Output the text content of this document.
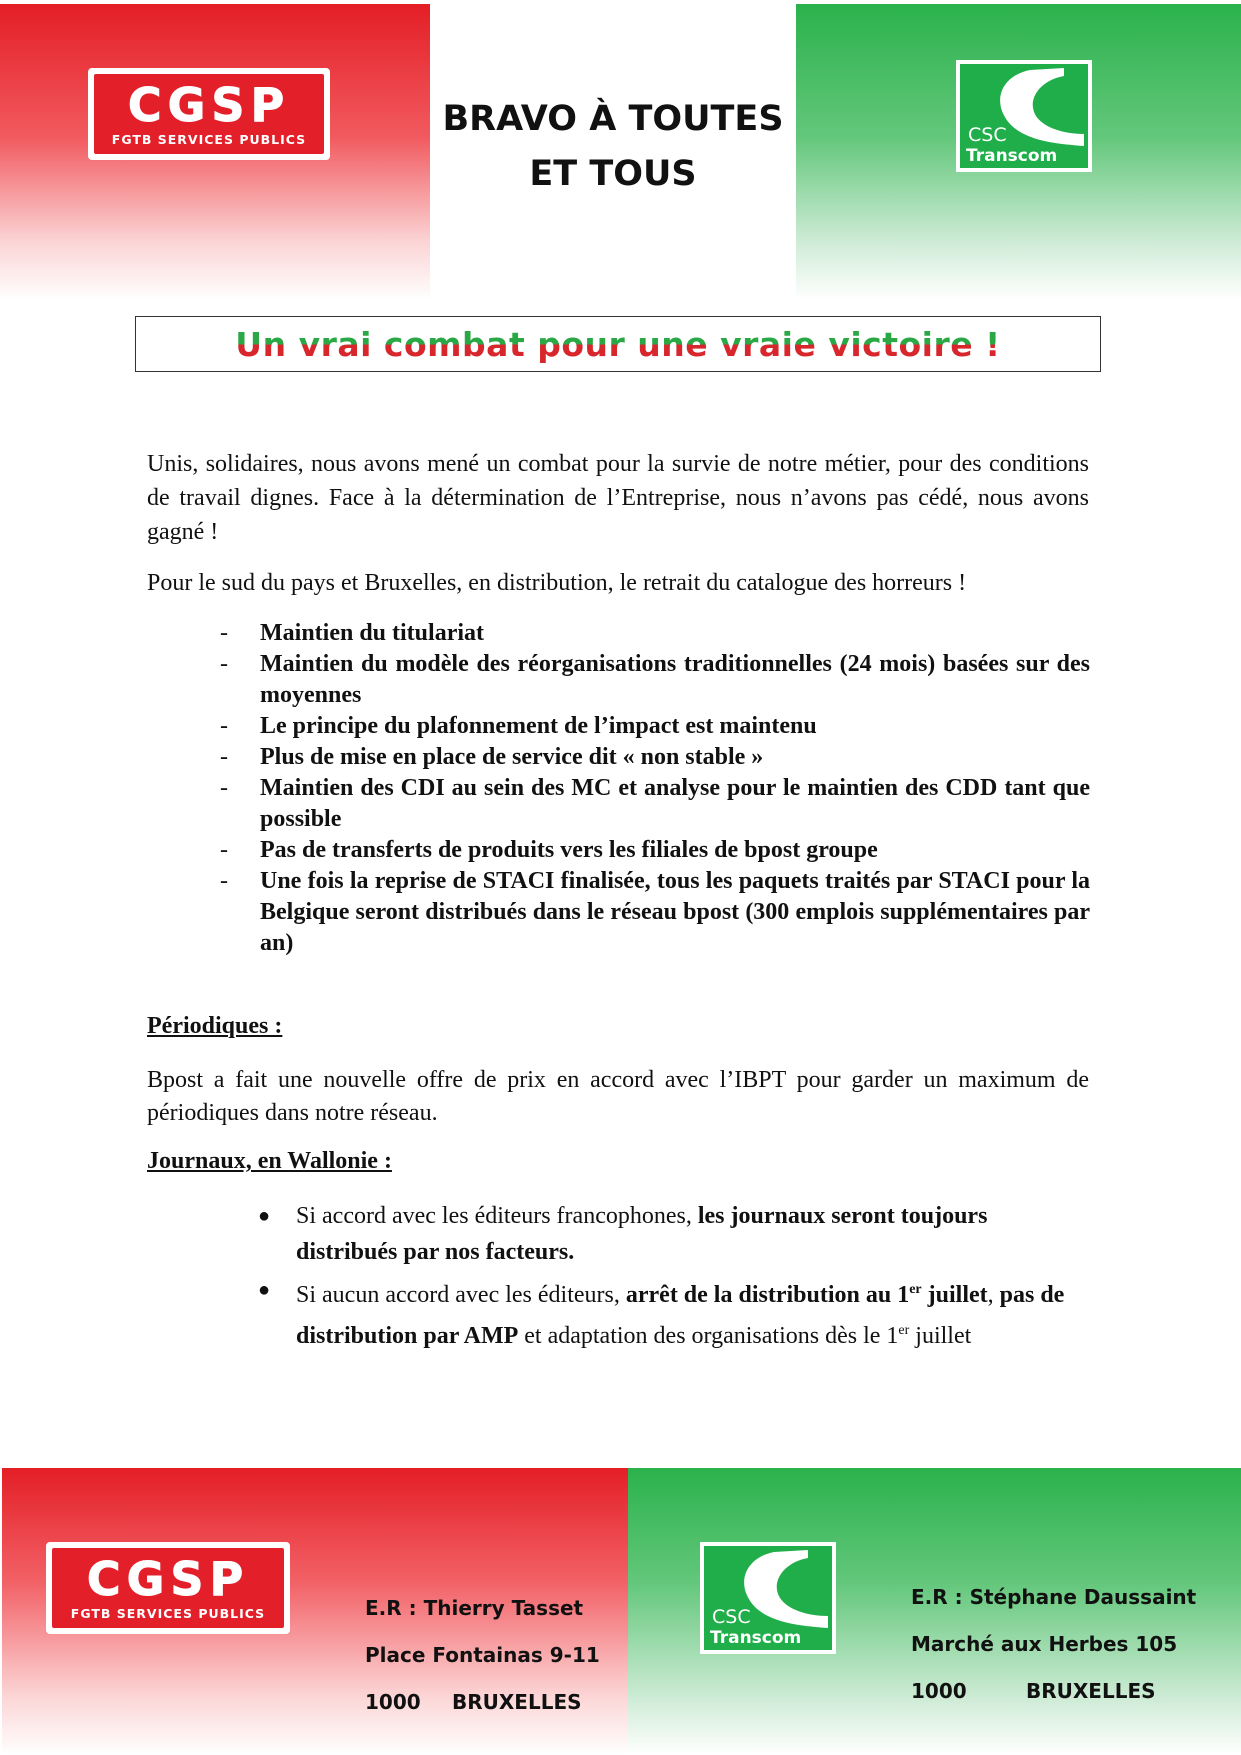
CGSP
FGTB SERVICES PUBLICS	BRAVO À TOUTES
ET TOUS
CSC
Transcom
Un vrai combat pour une vraie victoire !
Unis, solidaires, nous avons mené un combat pour la survie de notre métier, pour des conditions de travail dignes. Face à la détermination de l’Entreprise, nous n’avons pas cédé, nous avons gagné !
Pour le sud du pays et Bruxelles, en distribution, le retrait du catalogue des horreurs !
- Maintien du titulariat
- Maintien du modèle des réorganisations traditionnelles (24 mois) basées sur des moyennes
- Le principe du plafonnement de l’impact est maintenu
- Plus de mise en place de service dit « non stable »
- Maintien des CDI au sein des MC et analyse pour le maintien des CDD tant que possible
- Pas de transferts de produits vers les filiales de bpost groupe
- Une fois la reprise de STACI finalisée, tous les paquets traités par STACI pour la Belgique seront distribués dans le réseau bpost (300 emplois supplémentaires par an)
Périodiques :
Bpost a fait une nouvelle offre de prix en accord avec l’IBPT pour garder un maximum de périodiques dans notre réseau.
Journaux, en Wallonie :
● Si accord avec les éditeurs francophones, les journaux seront toujours distribués par nos facteurs.
● Si aucun accord avec les éditeurs, arrêt de la distribution au 1er juillet, pas de distribution par AMP et adaptation des organisations dès le 1er juillet
CGSP
FGTB SERVICES PUBLICS	E.R : Thierry Tasset
Place Fontainas 9-11
1000 BRUXELLES
CSC
Transcom
E.R : Stéphane Daussaint
Marché aux Herbes 105
1000	BRUXELLES
